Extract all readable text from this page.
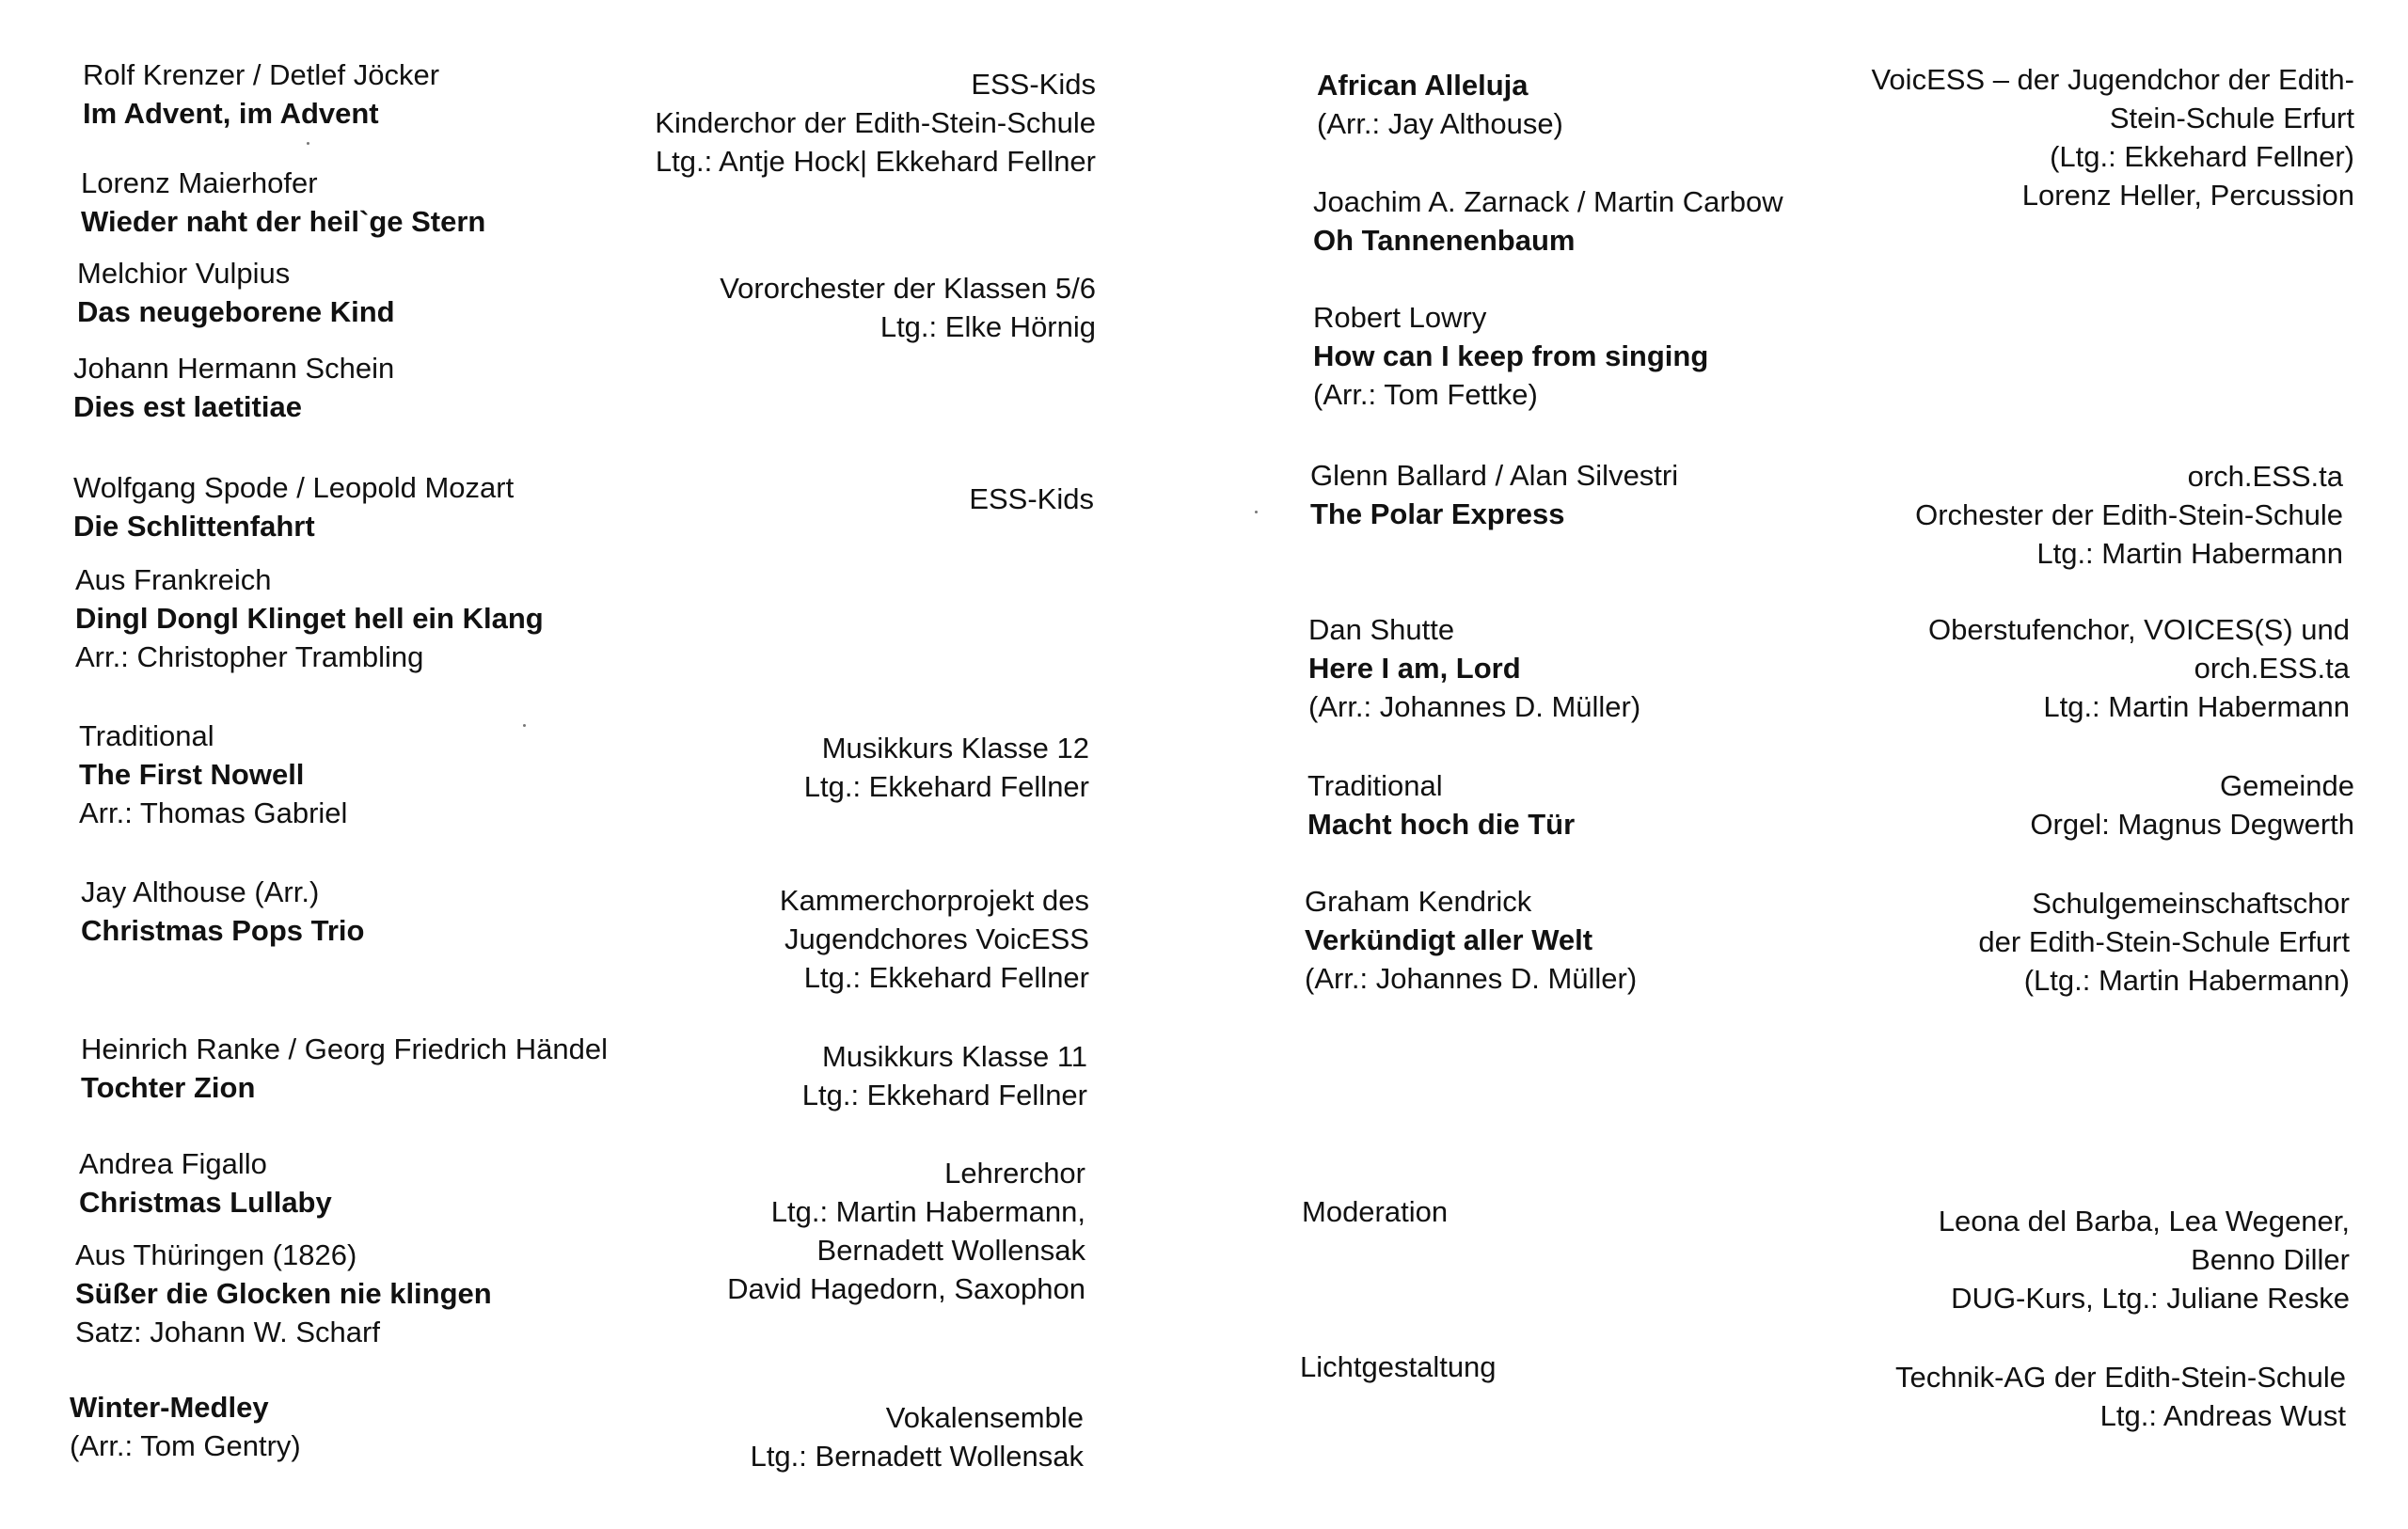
Rolf Krenzer / Detlef Jöcker
Im Advent, im Advent
ESS-Kids
Kinderchor der Edith-Stein-Schule
Ltg.: Antje Hock| Ekkehard Fellner
Lorenz Maierhofer
Wieder naht der heil`ge Stern
Melchior Vulpius
Das neugeborene Kind
Vororchester der Klassen 5/6
Ltg.: Elke Hörnig
Johann Hermann Schein
Dies est laetitiae
Wolfgang Spode / Leopold Mozart
Die Schlittenfahrt
ESS-Kids
Aus Frankreich
Dingl Dongl Klinget hell ein Klang
Arr.: Christopher Trambling
Traditional
The First Nowell
Arr.: Thomas Gabriel
Musikkurs Klasse 12
Ltg.: Ekkehard Fellner
Jay Althouse (Arr.)
Christmas Pops Trio
Kammerchorprojekt des
Jugendchores VoicESS
Ltg.: Ekkehard Fellner
Heinrich Ranke / Georg Friedrich Händel
Tochter Zion
Musikkurs Klasse 11
Ltg.: Ekkehard Fellner
Andrea Figallo
Christmas Lullaby
Lehrerchor
Ltg.: Martin Habermann,
Bernadett Wollensak
David Hagedorn, Saxophon
Aus Thüringen (1826)
Süßer die Glocken nie klingen
Satz: Johann W. Scharf
Winter-Medley
(Arr.: Tom Gentry)
Vokalensemble
Ltg.: Bernadett Wollensak
African Alleluja
(Arr.: Jay Althouse)
VoicESS – der Jugendchor der Edith-
Stein-Schule Erfurt
(Ltg.: Ekkehard Fellner)
Lorenz Heller, Percussion
Joachim A. Zarnack / Martin Carbow
Oh Tannenenbaum
Robert Lowry
How can I keep from singing
(Arr.: Tom Fettke)
Glenn Ballard / Alan Silvestri
The Polar Express
orch.ESS.ta
Orchester der Edith-Stein-Schule
Ltg.: Martin Habermann
Dan Shutte
Here I am, Lord
(Arr.: Johannes D. Müller)
Oberstufenchor, VOICES(S) und
orch.ESS.ta
Ltg.: Martin Habermann
Traditional
Macht hoch die Tür
Gemeinde
Orgel: Magnus Degwerth
Graham Kendrick
Verkündigt aller Welt
(Arr.: Johannes D. Müller)
Schulgemeinschaftschor
der Edith-Stein-Schule Erfurt
(Ltg.: Martin Habermann)
Moderation	Leona del Barba, Lea Wegener,
Benno Diller
DUG-Kurs, Ltg.: Juliane Reske
Lichtgestaltung	Technik-AG der Edith-Stein-Schule
Ltg.: Andreas Wust
